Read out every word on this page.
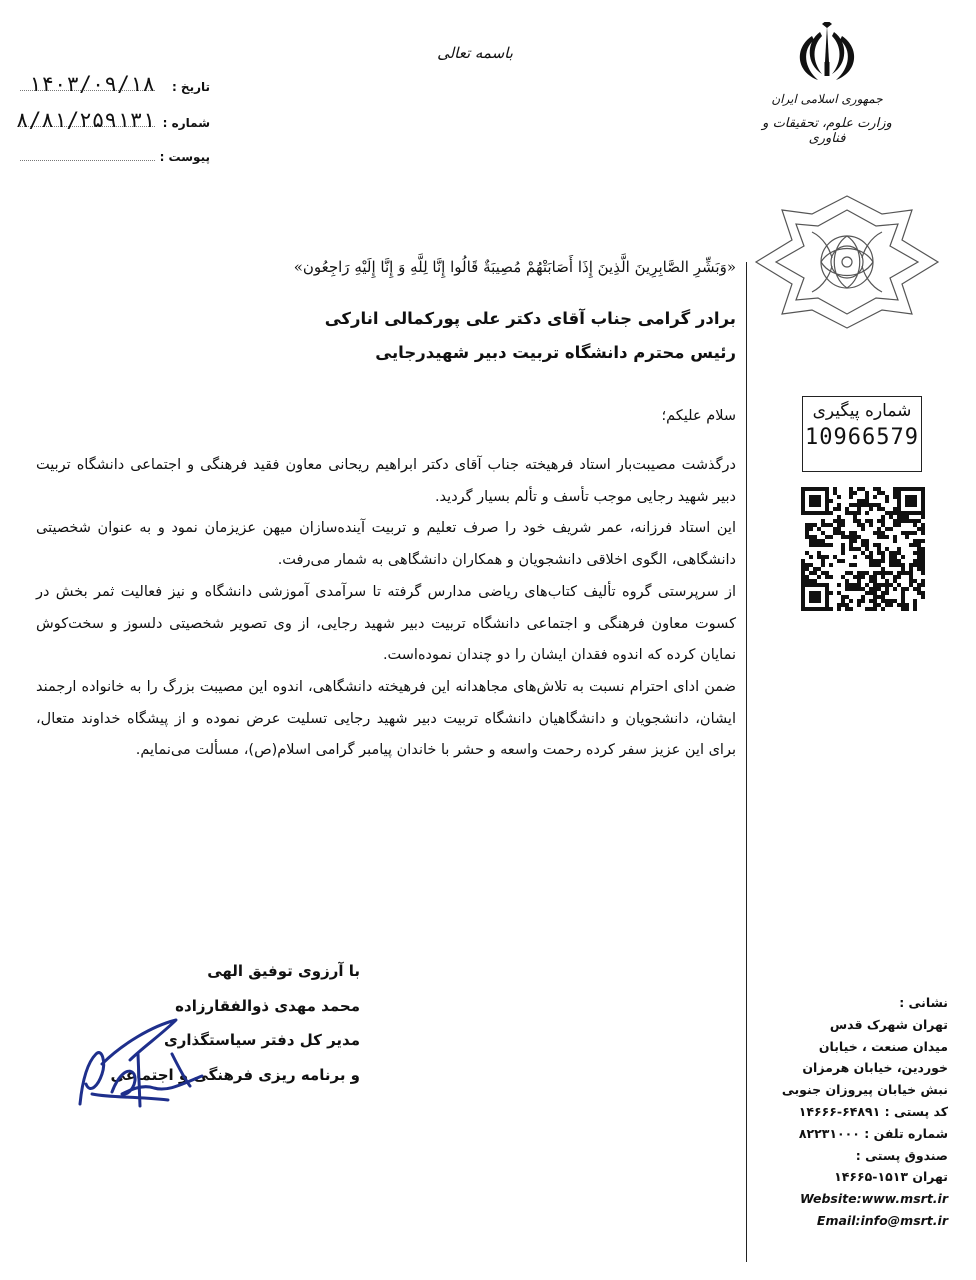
باسمه تعالی
تاریخ :
۱۴۰۳/۰۹/۱۸
شماره :
۸/۸۱/۲۵۹۱۳۱
پیوست :
جمهوری اسلامی ایران
وزارت علوم، تحقیقات و فناوری

«وَبَشِّرِ الصَّابِرِينَ الَّذِينَ إِذَا أَصَابَتْهُمْ مُصِيبَةٌ قَالُوا إِنَّا لِلَّهِ وَ إِنَّا إِلَيْهِ رَاجِعُون»

برادر گرامی جناب آقای دکتر علی پورکمالی انارکی

رئیس محترم دانشگاه تربیت دبیر شهیدرجایی

سلام علیکم؛

درگذشت مصیبت‌بار استاد فرهیخته جناب آقای دکتر ابراهیم ریحانی معاون فقید فرهنگی و اجتماعی دانشگاه تربیت دبیر شهید رجایی موجب تأسف و تألم بسیار گردید.

این استاد فرزانه، عمر شریف خود را صرف تعلیم و تربیت آینده‌سازان میهن عزیزمان نمود و به عنوان شخصیتی دانشگاهی، الگوی اخلاقی دانشجویان و همکاران دانشگاهی به شمار می‌رفت.

از سرپرستی گروه تألیف کتاب‌های ریاضی مدارس گرفته تا سرآمدی آموزشی دانشگاه و نیز فعالیت ثمر بخش در کسوت معاون فرهنگی و اجتماعی دانشگاه تربیت دبیر شهید رجایی، از وی تصویر شخصیتی دلسوز و سخت‌کوش نمایان کرده که اندوه فقدان ایشان را دو چندان نموده‌است.

ضمن ادای احترام نسبت به تلاش‌های مجاهدانه این فرهیخته دانشگاهی، اندوه این مصیبت بزرگ را به خانواده ارجمند ایشان، دانشجویان و دانشگاهیان دانشگاه تربیت دبیر شهید رجایی تسلیت عرض نموده و از پیشگاه خداوند متعال، برای این عزیز سفر کرده رحمت واسعه و حشر با خاندان پیامبر گرامی اسلام(ص)، مسألت می‌نمایم.

شماره پیگیری
10966579

با آرزوی توفیق الهی

محمد مهدی ذوالفقارزاده

مدیر کل دفتر سیاستگذاری

و برنامه ریزی فرهنگی و اجتماعی

نشانی :

تهران شهرک قدس

میدان صنعت ، خیابان

خوردین، خیابان هرمزان

نبش خیابان پیروزان جنوبی

کد پستی : ۶۴۸۹۱-۱۴۶۶۶

شماره تلفن : ۸۲۲۳۱۰۰۰

صندوق پستی :

تهران ۱۵۱۳-۱۴۶۶۵

Website:www.msrt.ir

Email:info@msrt.ir
